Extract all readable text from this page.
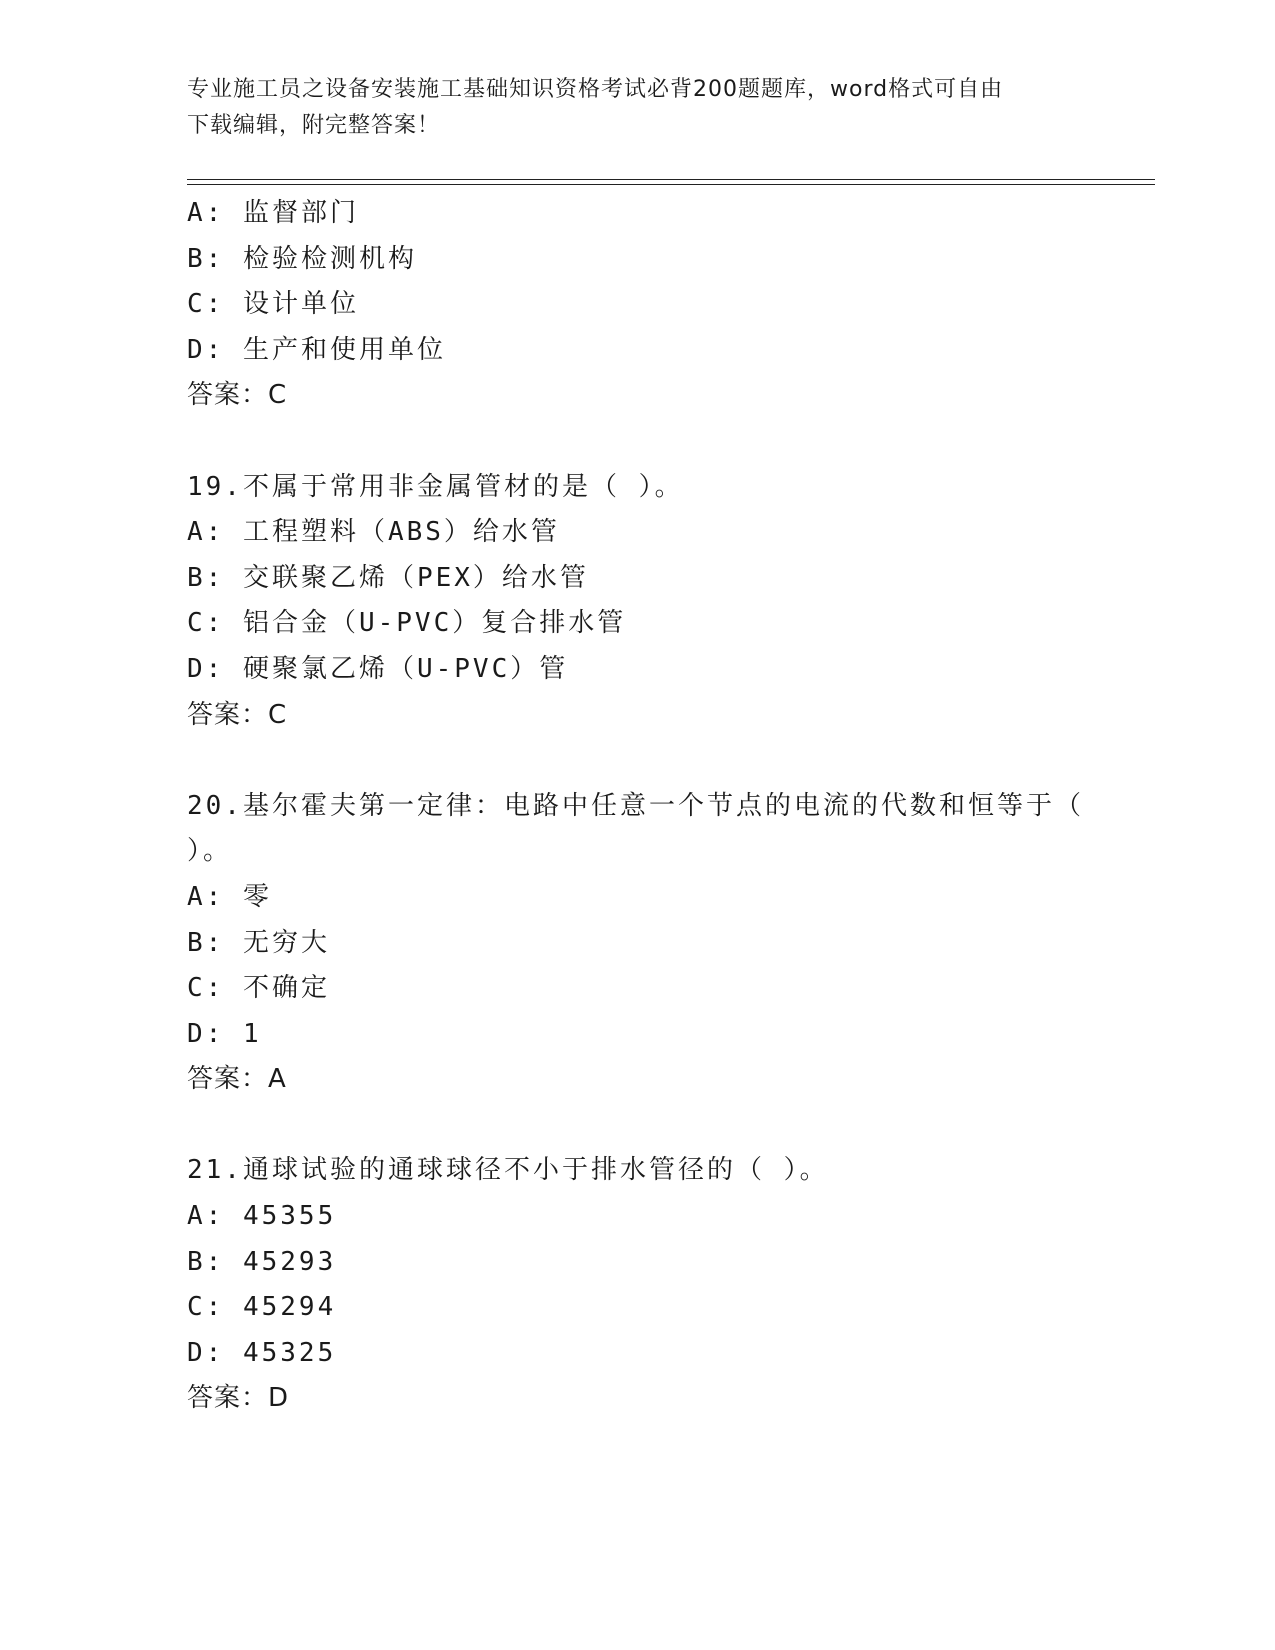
专业施工员之设备安装施工基础知识资格考试必背200题题库，word格式可自由
下载编辑，附完整答案！
A: 监督部门
B: 检验检测机构
C: 设计单位
D: 生产和使用单位
答案：C
19.不属于常用非金属管材的是（ ）。
A: 工程塑料（ABS）给水管
B: 交联聚乙烯（PEX）给水管
C: 铝合金（U-PVC）复合排水管
D: 硬聚氯乙烯（U-PVC）管
答案：C
20.基尔霍夫第一定律：电路中任意一个节点的电流的代数和恒等于（
）。
A: 零
B: 无穷大
C: 不确定
D: 1
答案：A
21.通球试验的通球球径不小于排水管径的（ ）。
A: 45355
B: 45293
C: 45294
D: 45325
答案：D
